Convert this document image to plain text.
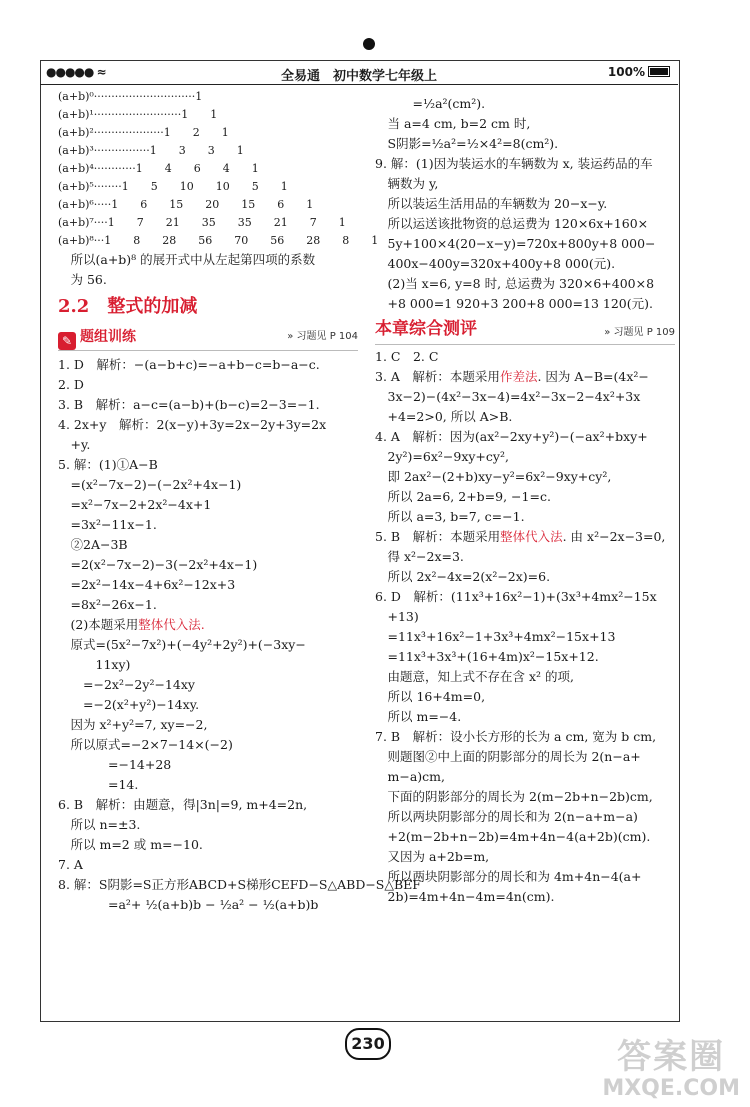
●●●●● ≈	全易通　初中数学七年级上	100%
(a+b)⁰·····························1
(a+b)¹·························1　　1
(a+b)²····················1　　2　　1
(a+b)³················1　　3　　3　　1
(a+b)⁴············1　　4　　6　　4　　1
(a+b)⁵········1　　5　　10　　10　　5　　1
(a+b)⁶·····1　　6　　15　　20　　15　　6　　1
(a+b)⁷····1　　7　　21　　35　　35　　21　　7　　1
(a+b)⁸···1　　8　　28　　56　　70　　56　　28　　8　　1
　所以(a+b)⁸ 的展开式中从左起第四项的系数
　为 56.
2.2　整式的加减
✎ 题组训练	» 习题见 P 104
1. D　解析：−(a−b+c)=−a+b−c=b−a−c.
2. D
3. B　解析：a−c=(a−b)+(b−c)=2−3=−1.
4. 2x+y　解析：2(x−y)+3y=2x−2y+3y=2x
　+y.
5. 解：(1)①A−B
　=(x²−7x−2)−(−2x²+4x−1)
　=x²−7x−2+2x²−4x+1
　=3x²−11x−1.
　②2A−3B
　=2(x²−7x−2)−3(−2x²+4x−1)
　=2x²−14x−4+6x²−12x+3
　=8x²−26x−1.
　(2)本题采用整体代入法.
　原式=(5x²−7x²)+(−4y²+2y²)+(−3xy−
　　　11xy)
　　=−2x²−2y²−14xy
　　=−2(x²+y²)−14xy.
　因为 x²+y²=7, xy=−2,
　所以原式=−2×7−14×(−2)
　　　　=−14+28
　　　　=14.
6. B　解析：由题意，得|3n|=9, m+4=2n,
　所以 n=±3.
　所以 m=2 或 m=−10.
7. A
8. 解：S阴影=S正方形ABCD+S梯形CEFD−S△ABD−S△BEF
　　　　=a²+ ½(a+b)b − ½a² − ½(a+b)b
　　　=½a²(cm²).
　当 a=4 cm, b=2 cm 时,
　S阴影=½a²=½×4²=8(cm²).
9. 解：(1)因为装运水的车辆数为 x, 装运药品的车
　辆数为 y,
　所以装运生活用品的车辆数为 20−x−y.
　所以运送该批物资的总运费为 120×6x+160×
　5y+100×4(20−x−y)=720x+800y+8 000−
　400x−400y=320x+400y+8 000(元).
　(2)当 x=6, y=8 时, 总运费为 320×6+400×8
　+8 000=1 920+3 200+8 000=13 120(元).
本章综合测评	» 习题见 P 109
1. C　2. C
3. A　解析：本题采用作差法. 因为 A−B=(4x²−
　3x−2)−(4x²−3x−4)=4x²−3x−2−4x²+3x
　+4=2>0, 所以 A>B.
4. A　解析：因为(ax²−2xy+y²)−(−ax²+bxy+
　2y²)=6x²−9xy+cy²,
　即 2ax²−(2+b)xy−y²=6x²−9xy+cy²,
　所以 2a=6, 2+b=9, −1=c.
　所以 a=3, b=7, c=−1.
5. B　解析：本题采用整体代入法. 由 x²−2x−3=0,
　得 x²−2x=3.
　所以 2x²−4x=2(x²−2x)=6.
6. D　解析：(11x³+16x²−1)+(3x³+4mx²−15x
　+13)
　=11x³+16x²−1+3x³+4mx²−15x+13
　=11x³+3x³+(16+4m)x²−15x+12.
　由题意，知上式不存在含 x² 的项,
　所以 16+4m=0,
　所以 m=−4.
7. B　解析：设小长方形的长为 a cm, 宽为 b cm,
　则题图②中上面的阴影部分的周长为 2(n−a+
　m−a)cm,
　下面的阴影部分的周长为 2(m−2b+n−2b)cm,
　所以两块阴影部分的周长和为 2(n−a+m−a)
　+2(m−2b+n−2b)=4m+4n−4(a+2b)(cm).
　又因为 a+2b=m,
　所以两块阴影部分的周长和为 4m+4n−4(a+
　2b)=4m+4n−4m=4n(cm).
230	答案圈
MXQE.COM
